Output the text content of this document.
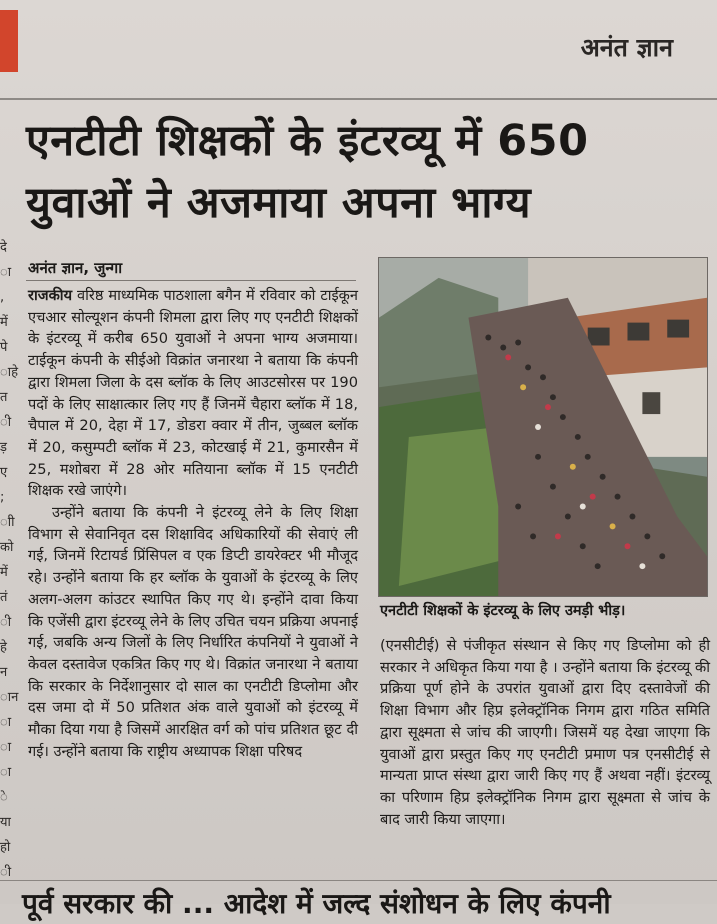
अनंत ज्ञान
दे
ा
,
में
पे
ाहे
त
ी
ड़
ए
;
ाी
को
में
तं
ी
हे
न
ान
ा
ा
ा
े
या
हो
ी
एनटीटी शिक्षकों के इंटरव्यू में 650
युवाओं ने अजमाया अपना भाग्य
अनंत ज्ञान, जुन्गा

राजकीय वरिष्ठ माध्यमिक पाठशाला बगैन में रविवार को टाईकून एचआर सोल्यूशन कंपनी शिमला द्वारा लिए गए एनटीटी शिक्षकों के इंटरव्यू में करीब 650 युवाओं ने अपना भाग्य अजमाया। टाईकून कंपनी के सीईओ विक्रांत जनारथा ने बताया कि कंपनी द्वारा शिमला जिला के दस ब्लॉक के लिए आउटसोरस पर 190 पदों के लिए साक्षात्कार लिए गए हैं जिनमें चैहारा ब्लॉक में 18, चैपाल में 20, देहा में 17, डोडरा क्वार में तीन, जुब्बल ब्लॉक में 20, कसुम्पटी ब्लॉक में 23, कोटखाई में 21, कुमारसैन में 25, मशोबरा में 28 ओर मतियाना ब्लॉक में 15 एनटीटी शिक्षक रखे जाएंगे।

उन्होंने बताया कि कंपनी ने इंटरव्यू लेने के लिए शिक्षा विभाग से सेवानिवृत दस शिक्षाविद अधिकारियों की सेवाएं ली गई, जिनमें रिटायर्ड प्रिंसिपल व एक डिप्टी डायरेक्टर भी मौजूद रहे। उन्होंने बताया कि हर ब्लॉक के युवाओं के इंटरव्यू के लिए अलग-अलग कांउटर स्थापित किए गए थे। इन्होंने दावा किया कि एजेंसी द्वारा इंटरव्यू लेने के लिए उचित चयन प्रक्रिया अपनाई गई, जबकि अन्य जिलों के लिए निर्धारित कंपनियों ने युवाओं ने केवल दस्तावेज एकत्रित किए गए थे। विक्रांत जनारथा ने बताया कि सरकार के निर्देशानुसार दो साल का एनटीटी डिप्लोमा और दस जमा दो में 50 प्रतिशत अंक वाले युवाओं को इंटरव्यू में मौका दिया गया है जिसमें आरक्षित वर्ग को पांच प्रतिशत छूट दी गई। उन्होंने बताया कि राष्ट्रीय अध्यापक शिक्षा परिषद

एनटीटी शिक्षकों के इंटरव्यू के लिए उमड़ी भीड़।

(एनसीटीई) से पंजीकृत संस्थान से किए गए डिप्लोमा को ही सरकार ने अधिकृत किया गया है । उन्होंने बताया कि इंटरव्यू की प्रक्रिया पूर्ण होने के उपरांत युवाओं द्वारा दिए दस्तावेजों की शिक्षा विभाग और हिप्र इलेक्ट्रॉनिक निगम द्वारा गठित समिति द्वारा सूक्ष्मता से जांच की जाएगी। जिसमें यह देखा जाएगा कि युवाओं द्वारा प्रस्तुत किए गए एनटीटी प्रमाण पत्र एनसीटीई से मान्यता प्राप्त संस्था द्वारा जारी किए गए हैं अथवा नहीं। इंटरव्यू का परिणाम हिप्र इलेक्ट्रॉनिक निगम द्वारा सूक्ष्मता से जांच के बाद जारी किया जाएगा।

पूर्व सरकार की ... आदेश में जल्द संशोधन के लिए कंपनी
